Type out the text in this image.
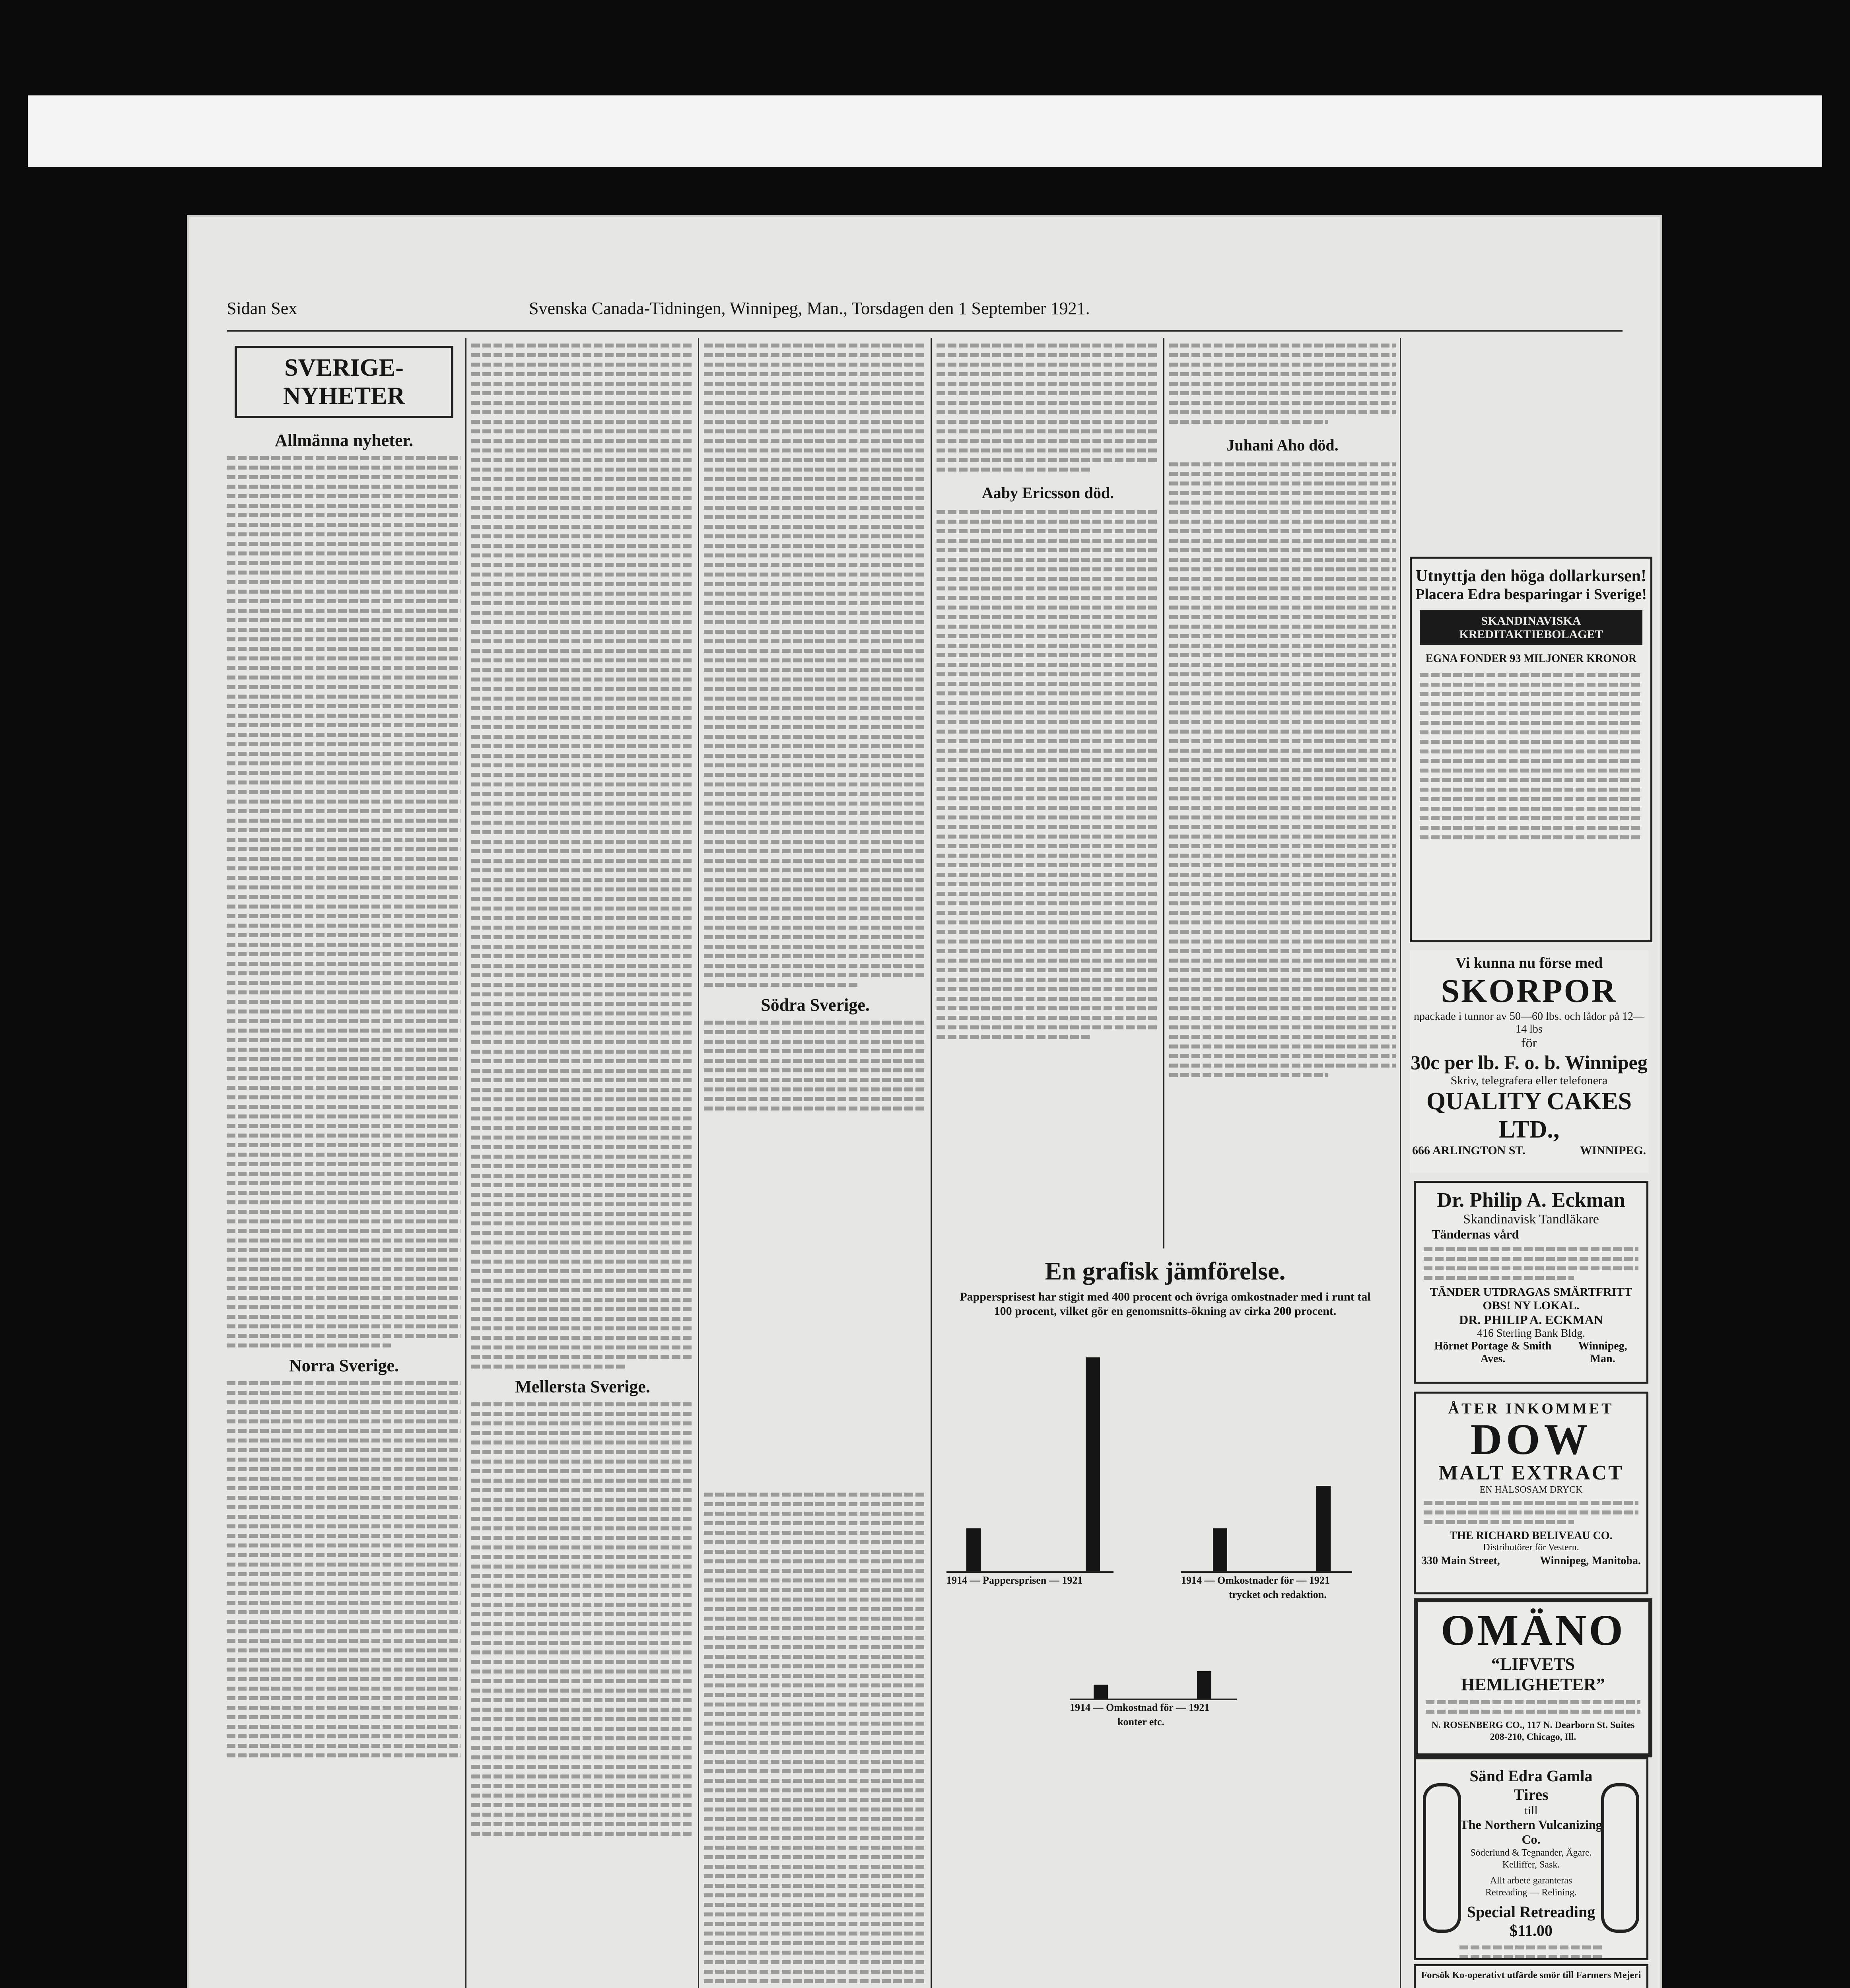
Sidan Sex	Svenska Canada-Tidningen, Winnipeg, Man., Torsdagen den 1 September 1921.
SVERIGE-NYHETER
Allmänna nyheter.
Norra Sverige.
Mellersta Sverige.
Södra Sverige.
Aaby Ericsson död.
Juhani Aho död.
En grafisk jämförelse.
Pappersprisest har stigit med 400 procent och övriga omkostnader med i runt tal 100 procent, vilket gör en genomsnitts-ökning av cirka 200 procent.
1914 — Pappersprisen — 1921	1914 — Omkostnader för — 1921
trycket och redaktion.
1914 — Omkostnad för — 1921
konter etc.
Utnyttja den höga dollarkursen!
Placera Edra besparingar i Sverige!
SKANDINAVISKA KREDITAKTIEBOLAGET
EGNA FONDER 93 MILJONER KRONOR
Vi kunna nu förse med
SKORPOR
npackade i tunnor av 50—60 lbs. och lådor på 12—14 lbs
för
30c per lb. F. o. b. Winnipeg
Skriv, telegrafera eller telefonera
QUALITY CAKES LTD.,
666 ARLINGTON ST.	WINNIPEG.
Dr. Philip A. Eckman
Skandinavisk Tandläkare
Tändernas vård
TÄNDER UTDRAGAS SMÄRTFRITT
OBS! NY LOKAL.
DR. PHILIP A. ECKMAN
416 Sterling Bank Bldg.
Hörnet Portage & Smith Aves.
Winnipeg, Man.
ÅTER INKOMMET
DOW
MALT EXTRACT
EN HÄLSOSAM DRYCK
THE RICHARD BELIVEAU CO.
Distributörer för Vestern.
330 Main Street,	Winnipeg, Manitoba.
OMÄNO
“LIFVETS HEMLIGHETER”
N. ROSENBERG CO., 117 N. Dearborn St. Suites 208-210, Chicago, Ill.
Sänd Edra Gamla Tires
till
The Northern Vulcanizing Co.
Söderlund & Tegnander, Ägare.
Kelliffer, Sask.
Allt arbete garanteras
Retreading — Relining.
Special Retreading $11.00
Forsök Ko-operativt utfärde smör till Farmers Mejeri
